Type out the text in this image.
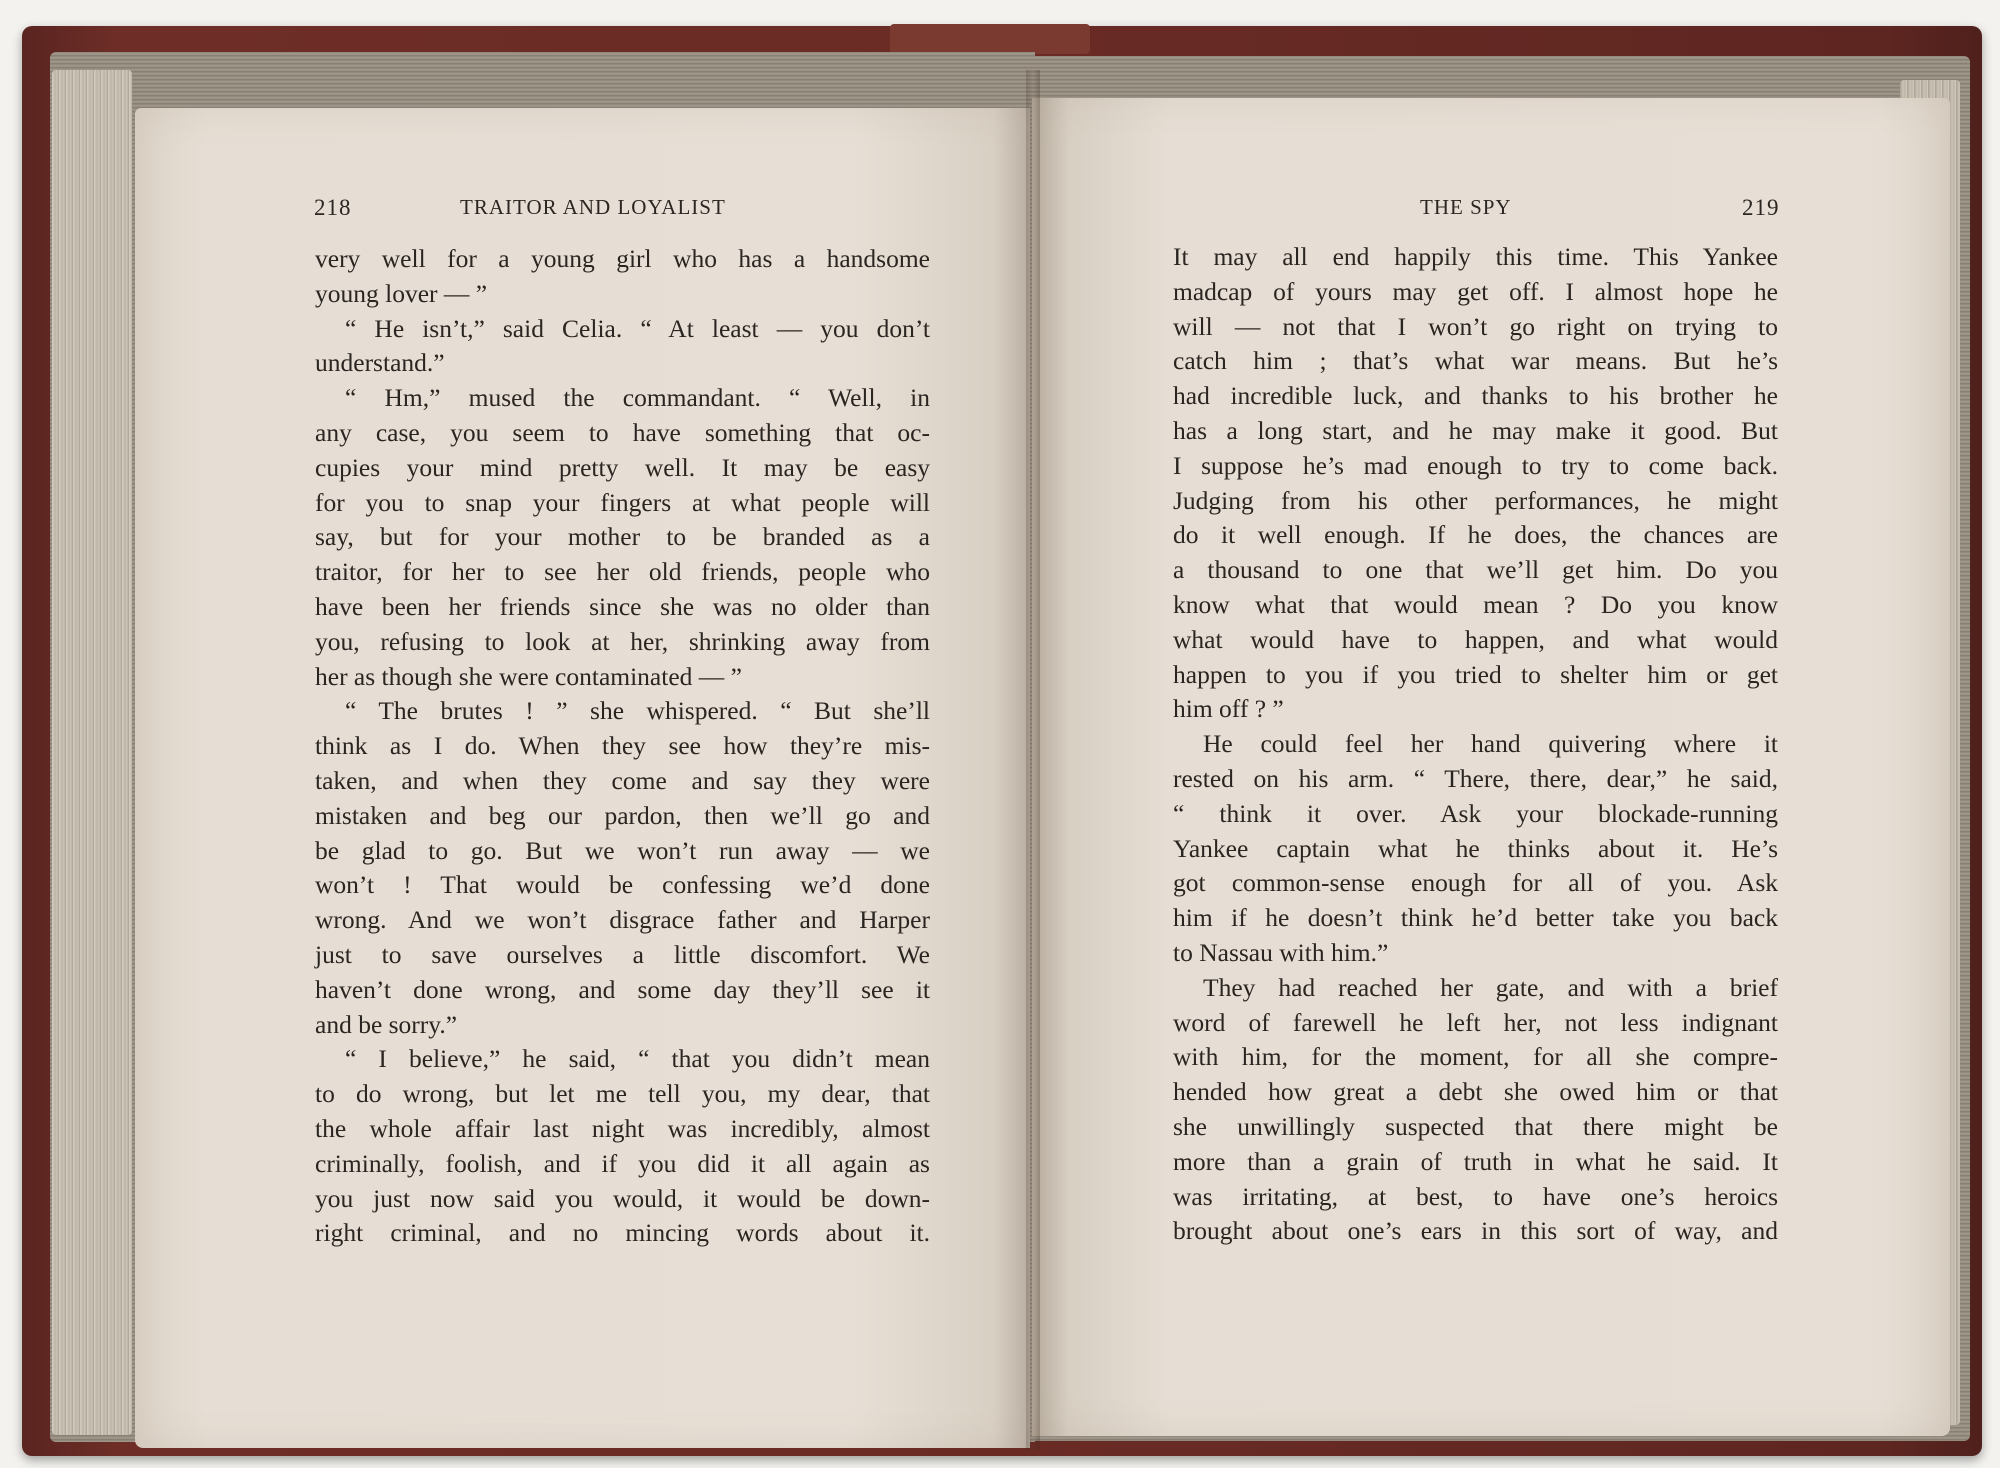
218	TRAITOR AND LOYALIST	THE SPY	219
very well for a young girl who has a handsome
young lover — ”
“ He isn’t,” said Celia. “ At least — you don’t
understand.”
“ Hm,” mused the commandant. “ Well, in
any case, you seem to have something that oc-
cupies your mind pretty well. It may be easy
for you to snap your fingers at what people will
say, but for your mother to be branded as a
traitor, for her to see her old friends, people who
have been her friends since she was no older than
you, refusing to look at her, shrinking away from
her as though she were contaminated — ”
“ The brutes ! ” she whispered. “ But she’ll
think as I do. When they see how they’re mis-
taken, and when they come and say they were
mistaken and beg our pardon, then we’ll go and
be glad to go. But we won’t run away — we
won’t ! That would be confessing we’d done
wrong. And we won’t disgrace father and Harper
just to save ourselves a little discomfort. We
haven’t done wrong, and some day they’ll see it
and be sorry.”
“ I believe,” he said, “ that you didn’t mean
to do wrong, but let me tell you, my dear, that
the whole affair last night was incredibly, almost
criminally, foolish, and if you did it all again as
you just now said you would, it would be down-
right criminal, and no mincing words about it.
It may all end happily this time. This Yankee
madcap of yours may get off. I almost hope he
will — not that I won’t go right on trying to
catch him ; that’s what war means. But he’s
had incredible luck, and thanks to his brother he
has a long start, and he may make it good. But
I suppose he’s mad enough to try to come back.
Judging from his other performances, he might
do it well enough. If he does, the chances are
a thousand to one that we’ll get him. Do you
know what that would mean ? Do you know
what would have to happen, and what would
happen to you if you tried to shelter him or get
him off ? ”
He could feel her hand quivering where it
rested on his arm. “ There, there, dear,” he said,
“ think it over. Ask your blockade-running
Yankee captain what he thinks about it. He’s
got common-sense enough for all of you. Ask
him if he doesn’t think he’d better take you back
to Nassau with him.”
They had reached her gate, and with a brief
word of farewell he left her, not less indignant
with him, for the moment, for all she compre-
hended how great a debt she owed him or that
she unwillingly suspected that there might be
more than a grain of truth in what he said. It
was irritating, at best, to have one’s heroics
brought about one’s ears in this sort of way, and
